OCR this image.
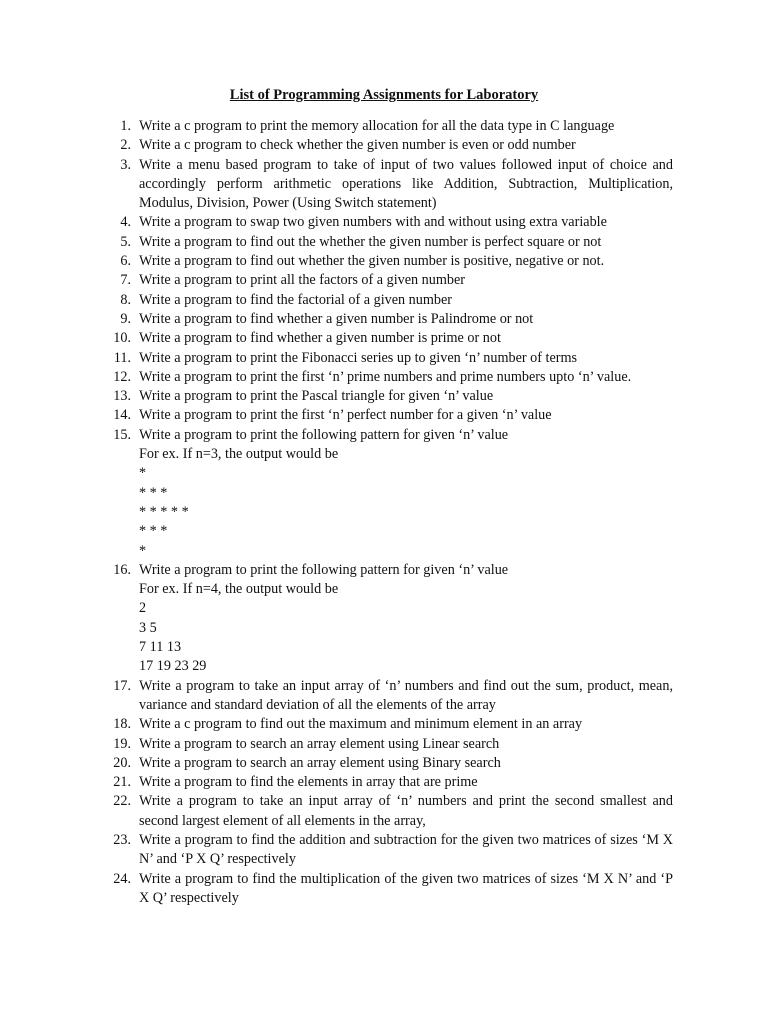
List of Programming Assignments for Laboratory
1. Write a c program to print the memory allocation for all the data type in C language
2. Write a c program to check whether the given number is even or odd number
3. Write a menu based program to take of input of two values followed input of choice and accordingly perform arithmetic operations like Addition, Subtraction, Multiplication, Modulus, Division, Power (Using Switch statement)
4. Write a program to swap two given numbers with and without using extra variable
5. Write a program to find out the whether the given number is perfect square or not
6. Write a program to find out whether the given number is positive, negative or not.
7. Write a program to print all the factors of a given number
8. Write a program to find the factorial of a given number
9. Write a program to find whether a given number is Palindrome or not
10. Write a program to find whether a given number is prime or not
11. Write a program to print the Fibonacci series up to given ‘n’ number of terms
12. Write a program to print the first ‘n’ prime numbers and prime numbers upto ‘n’ value.
13. Write a program to print the Pascal triangle for given ‘n’ value
14. Write a program to print the first ‘n’ perfect number for a given ‘n’ value
15. Write a program to print the following pattern for given ‘n’ value
For ex. If n=3, the output would be
*
* * *
* * * * *
* * *
*
16. Write a program to print the following pattern for given ‘n’ value
For ex. If n=4, the output would be
2
3 5
7 11 13
17 19 23 29
17. Write a program to take an input array of ‘n’ numbers and find out the sum, product, mean, variance and standard deviation of all the elements of the array
18. Write a c program to find out the maximum and minimum element in an array
19. Write a program to search an array element using Linear search
20. Write a program to search an array element using Binary search
21. Write a program to find the elements in array that are prime
22. Write a program to take an input array of ‘n’ numbers and print the second smallest and second largest element of all elements in the array,
23. Write a program to find the addition and subtraction for the given two matrices of sizes ‘M X N’ and ‘P X Q’ respectively
24. Write a program to find the multiplication of the given two matrices of sizes ‘M X N’ and ‘P X Q’ respectively
